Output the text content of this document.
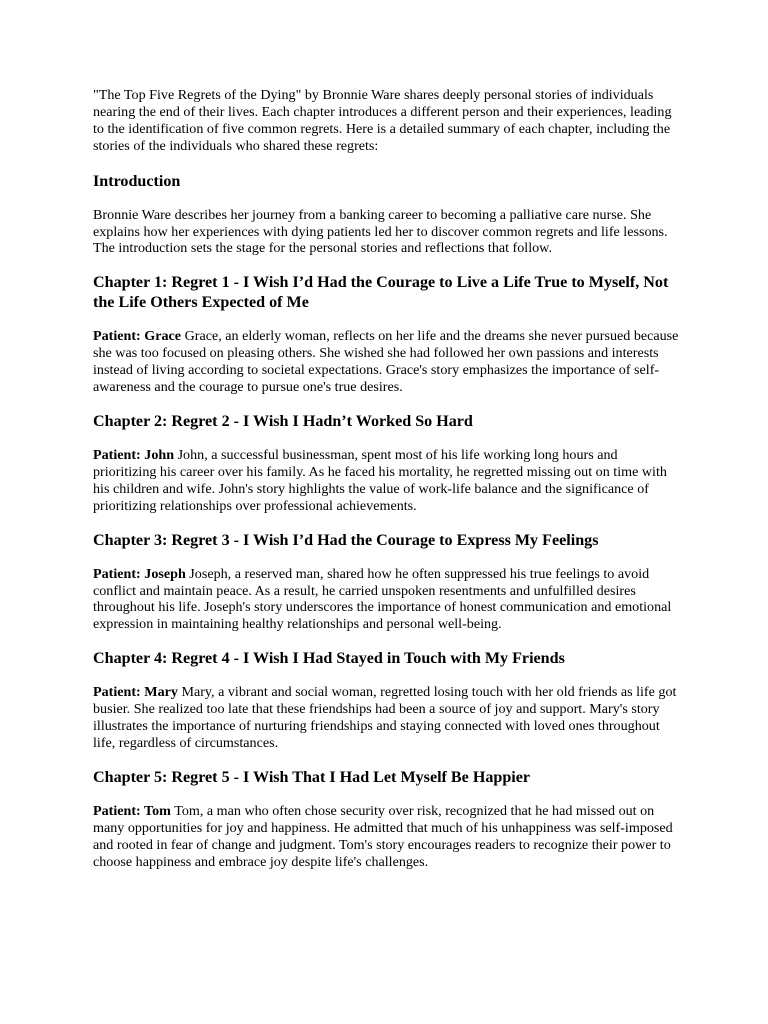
"The Top Five Regrets of the Dying" by Bronnie Ware shares deeply personal stories of individuals nearing the end of their lives. Each chapter introduces a different person and their experiences, leading to the identification of five common regrets. Here is a detailed summary of each chapter, including the stories of the individuals who shared these regrets:

Introduction

Bronnie Ware describes her journey from a banking career to becoming a palliative care nurse. She explains how her experiences with dying patients led her to discover common regrets and life lessons. The introduction sets the stage for the personal stories and reflections that follow.

Chapter 1: Regret 1 - I Wish I’d Had the Courage to Live a Life True to Myself, Not the Life Others Expected of Me

Patient: Grace Grace, an elderly woman, reflects on her life and the dreams she never pursued because she was too focused on pleasing others. She wished she had followed her own passions and interests instead of living according to societal expectations. Grace's story emphasizes the importance of self-awareness and the courage to pursue one's true desires.

Chapter 2: Regret 2 - I Wish I Hadn’t Worked So Hard

Patient: John John, a successful businessman, spent most of his life working long hours and prioritizing his career over his family. As he faced his mortality, he regretted missing out on time with his children and wife. John's story highlights the value of work-life balance and the significance of prioritizing relationships over professional achievements.

Chapter 3: Regret 3 - I Wish I’d Had the Courage to Express My Feelings

Patient: Joseph Joseph, a reserved man, shared how he often suppressed his true feelings to avoid conflict and maintain peace. As a result, he carried unspoken resentments and unfulfilled desires throughout his life. Joseph's story underscores the importance of honest communication and emotional expression in maintaining healthy relationships and personal well-being.

Chapter 4: Regret 4 - I Wish I Had Stayed in Touch with My Friends

Patient: Mary Mary, a vibrant and social woman, regretted losing touch with her old friends as life got busier. She realized too late that these friendships had been a source of joy and support. Mary's story illustrates the importance of nurturing friendships and staying connected with loved ones throughout life, regardless of circumstances.

Chapter 5: Regret 5 - I Wish That I Had Let Myself Be Happier

Patient: Tom Tom, a man who often chose security over risk, recognized that he had missed out on many opportunities for joy and happiness. He admitted that much of his unhappiness was self-imposed and rooted in fear of change and judgment. Tom's story encourages readers to recognize their power to choose happiness and embrace joy despite life's challenges.
